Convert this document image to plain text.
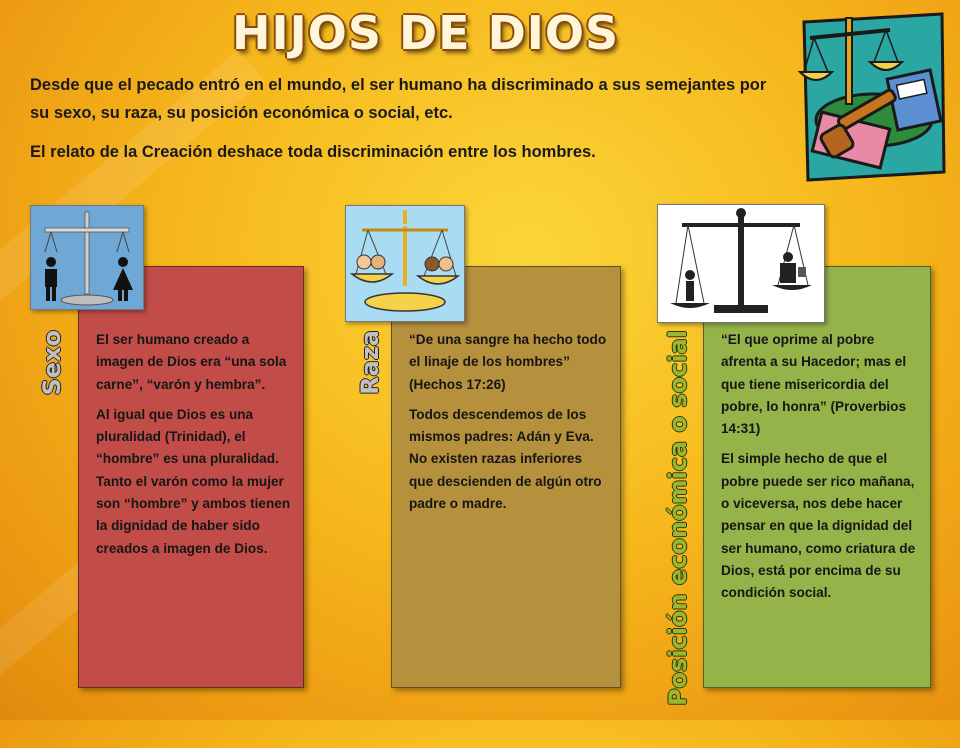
HIJOS DE DIOS

Desde que el pecado entró en el mundo, el ser humano ha discriminado a sus semejantes por su sexo, su raza, su posición económica o social, etc.

El relato de la Creación deshace toda discriminación entre los hombres.

El ser humano creado a imagen de Dios era “una sola carne”, “varón y hembra”.

Al igual que Dios es una pluralidad (Trinidad), el “hombre” es una pluralidad. Tanto el varón como la mujer son “hombre” y ambos tienen la dignidad de haber sido creados a imagen de Dios.

Sexo	“De una sangre ha hecho todo el linaje de los hombres” (Hechos 17:26)

Todos descendemos de los mismos padres: Adán y Eva. No existen razas inferiores que descienden de algún otro padre o madre.

Raza	“El que oprime al pobre afrenta a su Hacedor; mas el que tiene misericordia del pobre, lo honra” (Proverbios 14:31)

El simple hecho de que el pobre puede ser rico mañana, o viceversa, nos debe hacer pensar en que la dignidad del ser humano, como criatura de Dios, está por encima de su condición social.

Posición económica o social
